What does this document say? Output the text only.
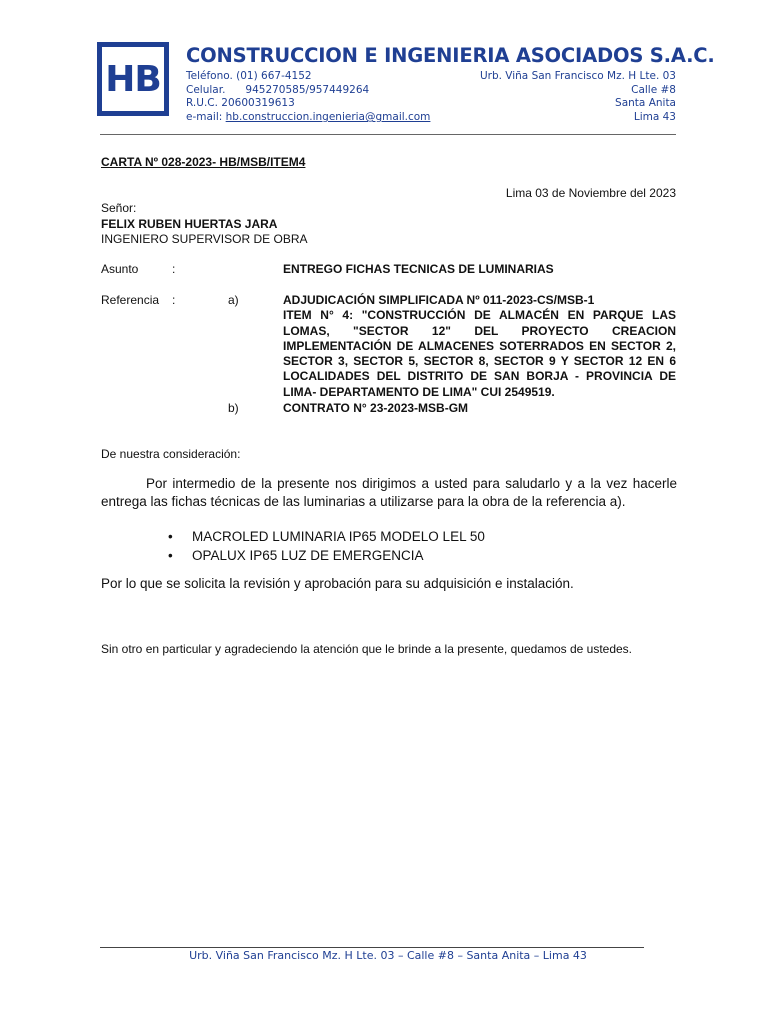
HB
CONSTRUCCION E INGENIERIA ASOCIADOS S.A.C.
Teléfono. (01) 667-4152
Celular. 945270585/957449264
R.U.C. 20600319613
e-mail: hb.construccion.ingenieria@gmail.com
Urb. Viña San Francisco Mz. H Lte. 03
Calle #8
Santa Anita
Lima 43
CARTA Nº 028-2023- HB/MSB/ITEM4
Lima 03 de Noviembre del 2023
Señor:
FELIX RUBEN HUERTAS JARA
INGENIERO SUPERVISOR DE OBRA
Asunto	:	ENTREGO FICHAS TECNICAS DE LUMINARIAS
Referencia :	a)	ADJUDICACIÓN SIMPLIFICADA Nº 011-2023-CS/MSB-1
ITEM N° 4: "CONSTRUCCIÓN DE ALMACÉN EN PARQUE LAS LOMAS, "SECTOR 12" DEL PROYECTO CREACION IMPLEMENTACIÓN DE ALMACENES SOTERRADOS EN SECTOR 2, SECTOR 3, SECTOR 5, SECTOR 8, SECTOR 9 Y SECTOR 12 EN 6 LOCALIDADES DEL DISTRITO DE SAN BORJA - PROVINCIA DE LIMA- DEPARTAMENTO DE LIMA" CUI 2549519.
b)	CONTRATO N° 23-2023-MSB-GM
De nuestra consideración:
Por intermedio de la presente nos dirigimos a usted para saludarlo y a la vez hacerle entrega las fichas técnicas de las luminarias a utilizarse para la obra de la referencia a).
• MACROLED LUMINARIA IP65 MODELO LEL 50
• OPALUX IP65 LUZ DE EMERGENCIA
Por lo que se solicita la revisión y aprobación para su adquisición e instalación.
Sin otro en particular y agradeciendo la atención que le brinde a la presente, quedamos de ustedes.
Urb. Viña San Francisco Mz. H Lte. 03 – Calle #8 – Santa Anita – Lima 43
